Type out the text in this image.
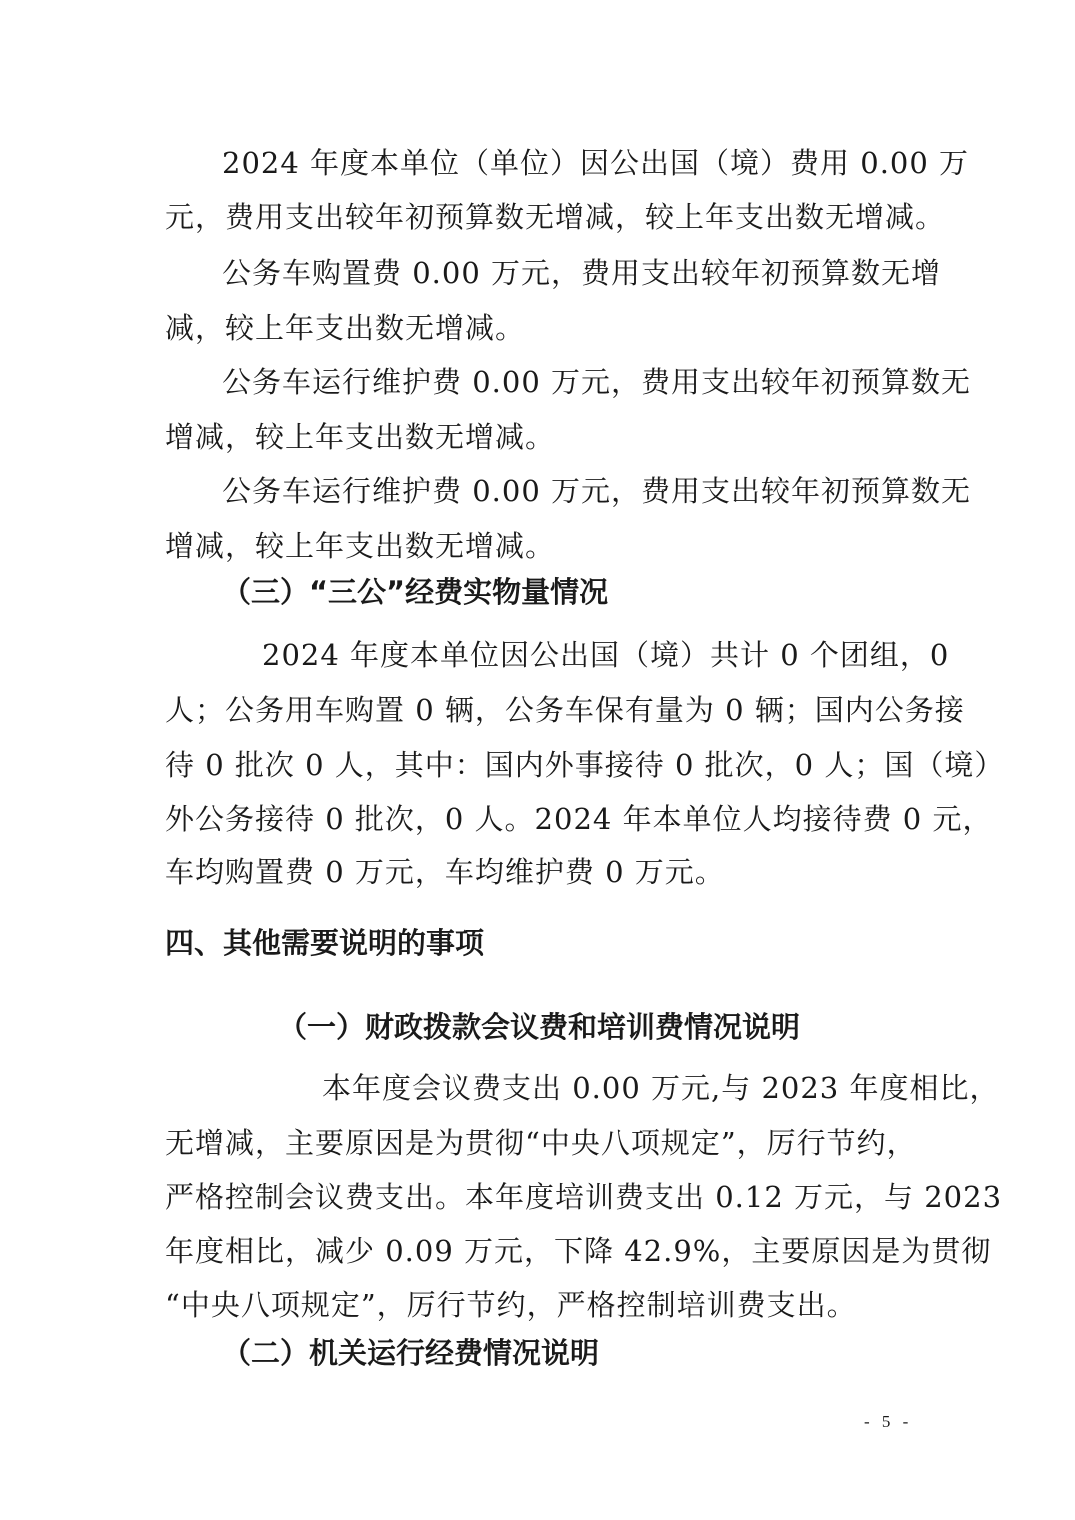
2024 年度本单位（单位）因公出国（境）费用 0.00 万
元，费用支出较年初预算数无增减，较上年支出数无增减。
公务车购置费 0.00 万元，费用支出较年初预算数无增
减，较上年支出数无增减。
公务车运行维护费 0.00 万元，费用支出较年初预算数无
增减，较上年支出数无增减。
公务车运行维护费 0.00 万元，费用支出较年初预算数无
增减，较上年支出数无增减。
（三）“三公”经费实物量情况
2024 年度本单位因公出国（境）共计 0 个团组，0
人；公务用车购置 0 辆，公务车保有量为 0 辆；国内公务接
待 0 批次 0 人，其中：国内外事接待 0 批次，0 人；国（境）
外公务接待 0 批次，0 人。2024 年本单位人均接待费 0 元，
车均购置费 0 万元，车均维护费 0 万元。
四、其他需要说明的事项
（一）财政拨款会议费和培训费情况说明
本年度会议费支出 0.00 万元,与 2023 年度相比，
无增减，主要原因是为贯彻“中央八项规定”，厉行节约，
严格控制会议费支出。本年度培训费支出 0.12 万元，与 2023
年度相比，减少 0.09 万元，下降 42.9%，主要原因是为贯彻
“中央八项规定”，厉行节约，严格控制培训费支出。
（二）机关运行经费情况说明
- 5 -
